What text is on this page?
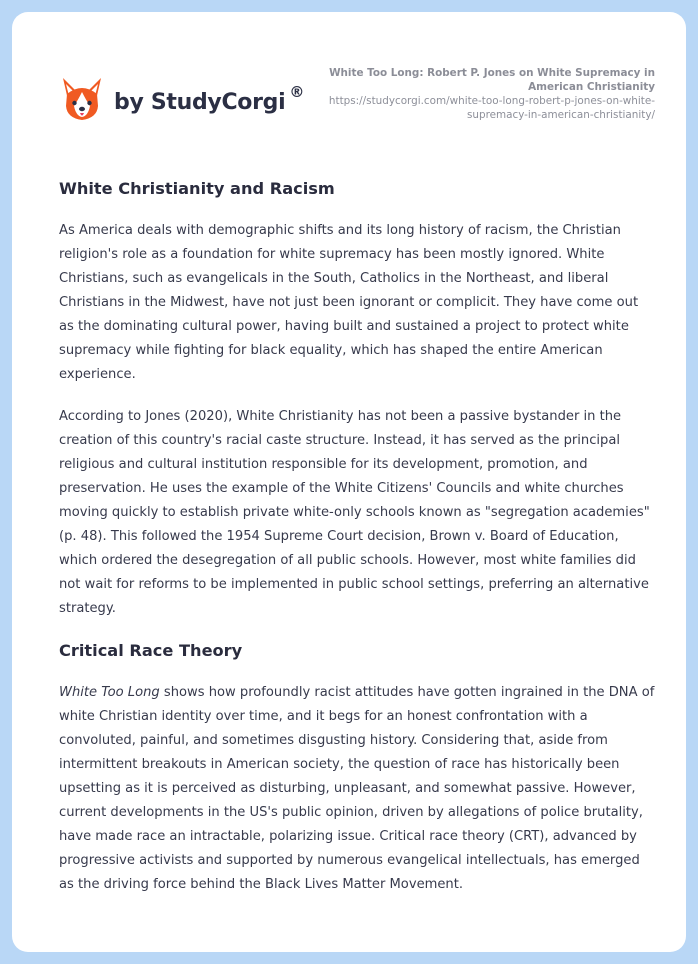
by StudyCorgi ®
White Too Long: Robert P. Jones on White Supremacy in American Christianity
https://studycorgi.com/white-too-long-robert-p-jones-on-white-supremacy-in-american-christianity/
White Christianity and Racism

As America deals with demographic shifts and its long history of racism, the Christian religion's role as a foundation for white supremacy has been mostly ignored. White Christians, such as evangelicals in the South, Catholics in the Northeast, and liberal Christians in the Midwest, have not just been ignorant or complicit. They have come out as the dominating cultural power, having built and sustained a project to protect white supremacy while fighting for black equality, which has shaped the entire American experience.

According to Jones (2020), White Christianity has not been a passive bystander in the creation of this country's racial caste structure. Instead, it has served as the principal religious and cultural institution responsible for its development, promotion, and preservation. He uses the example of the White Citizens' Councils and white churches moving quickly to establish private white-only schools known as "segregation academies" (p. 48). This followed the 1954 Supreme Court decision, Brown v. Board of Education, which ordered the desegregation of all public schools. However, most white families did not wait for reforms to be implemented in public school settings, preferring an alternative strategy.

Critical Race Theory

White Too Long shows how profoundly racist attitudes have gotten ingrained in the DNA of white Christian identity over time, and it begs for an honest confrontation with a convoluted, painful, and sometimes disgusting history. Considering that, aside from intermittent breakouts in American society, the question of race has historically been upsetting as it is perceived as disturbing, unpleasant, and somewhat passive. However, current developments in the US's public opinion, driven by allegations of police brutality, have made race an intractable, polarizing issue. Critical race theory (CRT), advanced by progressive activists and supported by numerous evangelical intellectuals, has emerged as the driving force behind the Black Lives Matter Movement.
